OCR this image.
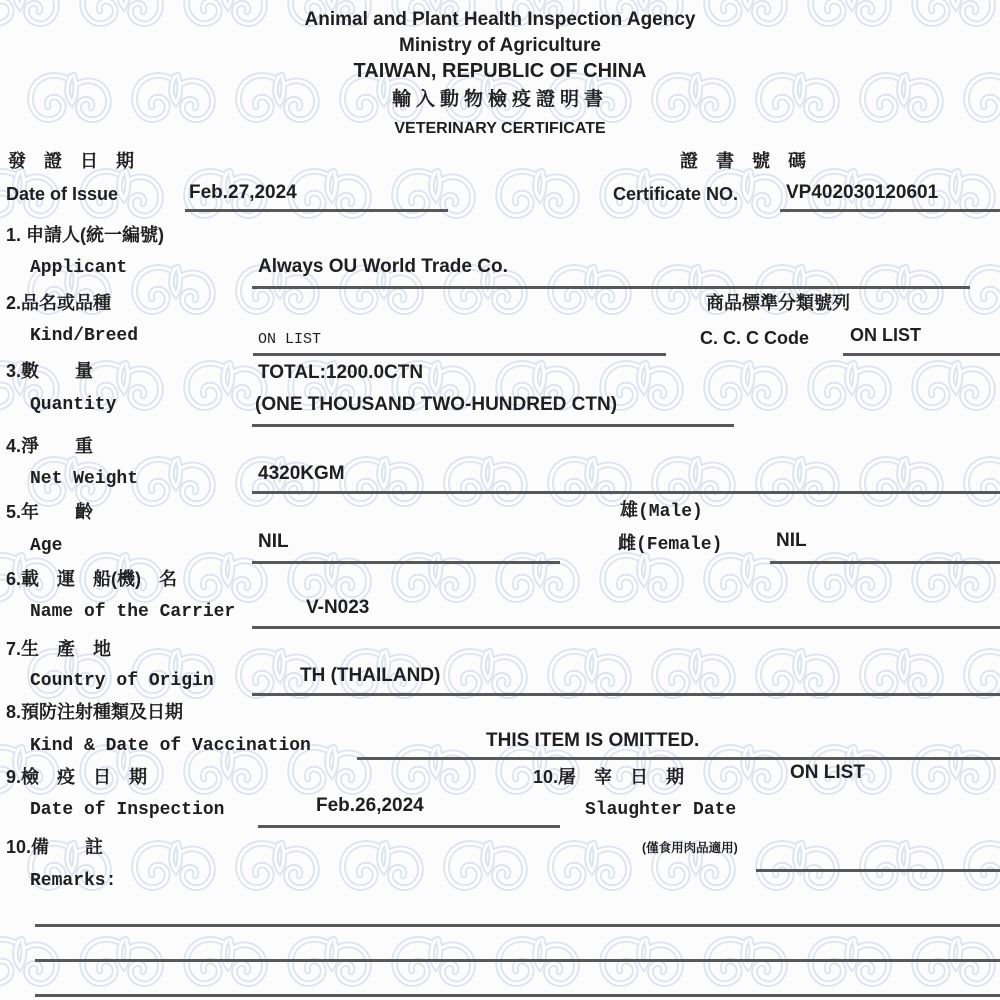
Animal and Plant Health Inspection Agency
Ministry of Agriculture
TAIWAN, REPUBLIC OF CHINA
輸入動物檢疫證明書
VETERINARY CERTIFICATE
發　證　日　期
Date of Issue	Feb.27,2024
證　書　號　碼
Certificate NO.	VP402030120601
1. 申請人(統一編號)
Applicant	Always OU World Trade Co.
2.品名或品種	商品標準分類號列
Kind/Breed	ON LIST	C. C. C Code ON LIST
3.數　　量	TOTAL:1200.0CTN
Quantity	(ONE THOUSAND TWO-HUNDRED CTN)
4.淨　　重
Net Weight	4320KGM
5.年　　齡	雄(Male)
Age	NIL	雌(Female)	NIL
6.載　運　船(機)　名
Name of the Carrier	V-N023
7.生　產　地
Country of Origin	TH (THAILAND)
8.預防注射種類及日期
Kind & Date of Vaccination	THIS ITEM IS OMITTED.
9.檢　疫　日　期	10.屠　宰　日　期	ON LIST
Date of Inspection	Feb.26,2024	Slaughter Date
10.備　　註	(僅食用肉品適用)
Remarks:
